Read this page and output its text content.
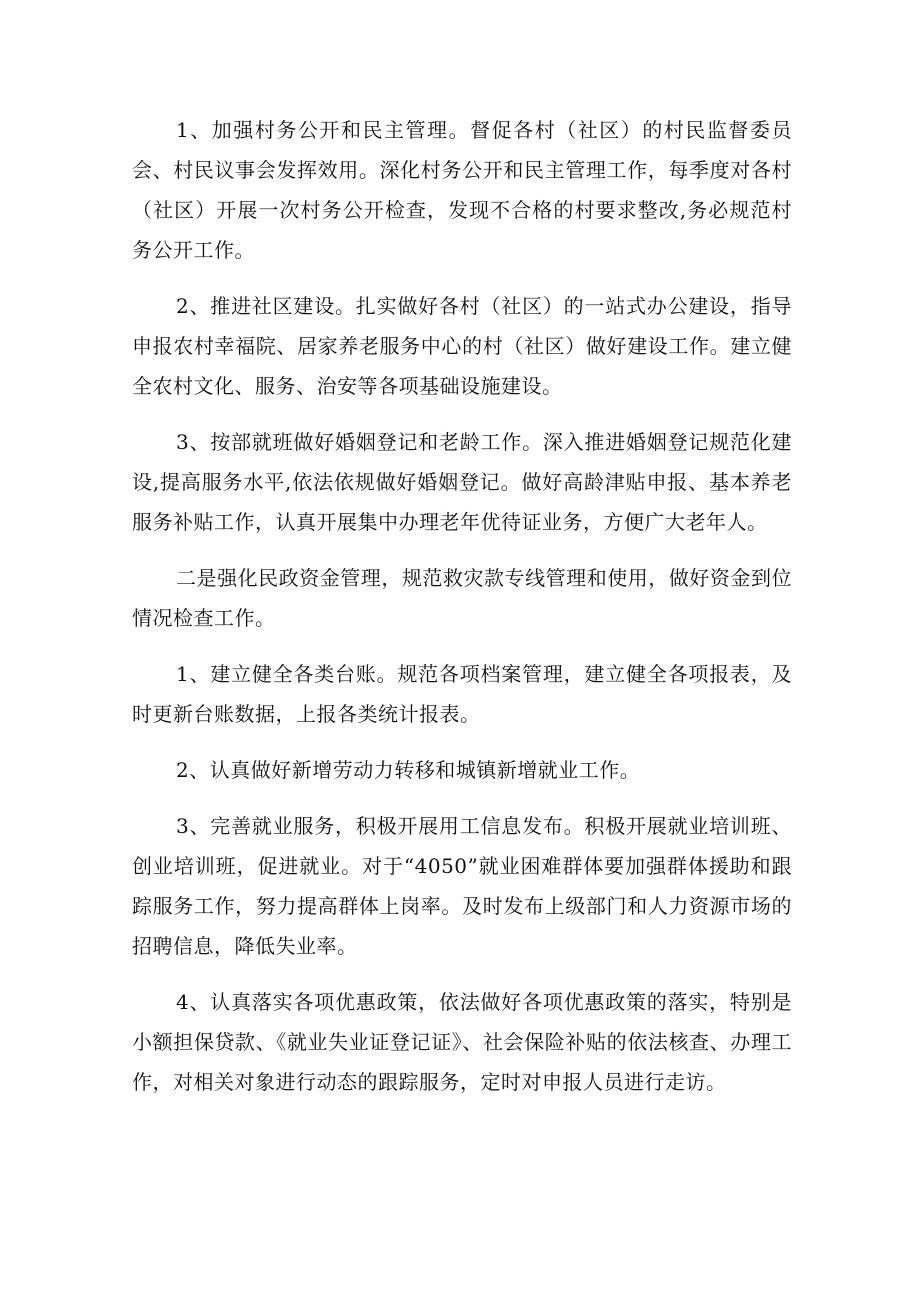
1、加强村务公开和民主管理。督促各村（社区）的村民监督委员会、村民议事会发挥效用。深化村务公开和民主管理工作，每季度对各村（社区）开展一次村务公开检查，发现不合格的村要求整改,务必规范村务公开工作。

2、推进社区建设。扎实做好各村（社区）的一站式办公建设，指导申报农村幸福院、居家养老服务中心的村（社区）做好建设工作。建立健全农村文化、服务、治安等各项基础设施建设。

3、按部就班做好婚姻登记和老龄工作。深入推进婚姻登记规范化建设,提高服务水平,依法依规做好婚姻登记。做好高龄津贴申报、基本养老服务补贴工作，认真开展集中办理老年优待证业务，方便广大老年人。

二是强化民政资金管理，规范救灾款专线管理和使用，做好资金到位情况检查工作。

1、建立健全各类台账。规范各项档案管理，建立健全各项报表，及时更新台账数据，上报各类统计报表。

2、认真做好新增劳动力转移和城镇新增就业工作。

3、完善就业服务，积极开展用工信息发布。积极开展就业培训班、创业培训班，促进就业。对于“4050”就业困难群体要加强群体援助和跟踪服务工作，努力提高群体上岗率。及时发布上级部门和人力资源市场的招聘信息，降低失业率。

4、认真落实各项优惠政策，依法做好各项优惠政策的落实，特别是小额担保贷款、《就业失业证登记证》、社会保险补贴的依法核查、办理工作，对相关对象进行动态的跟踪服务，定时对申报人员进行走访。
